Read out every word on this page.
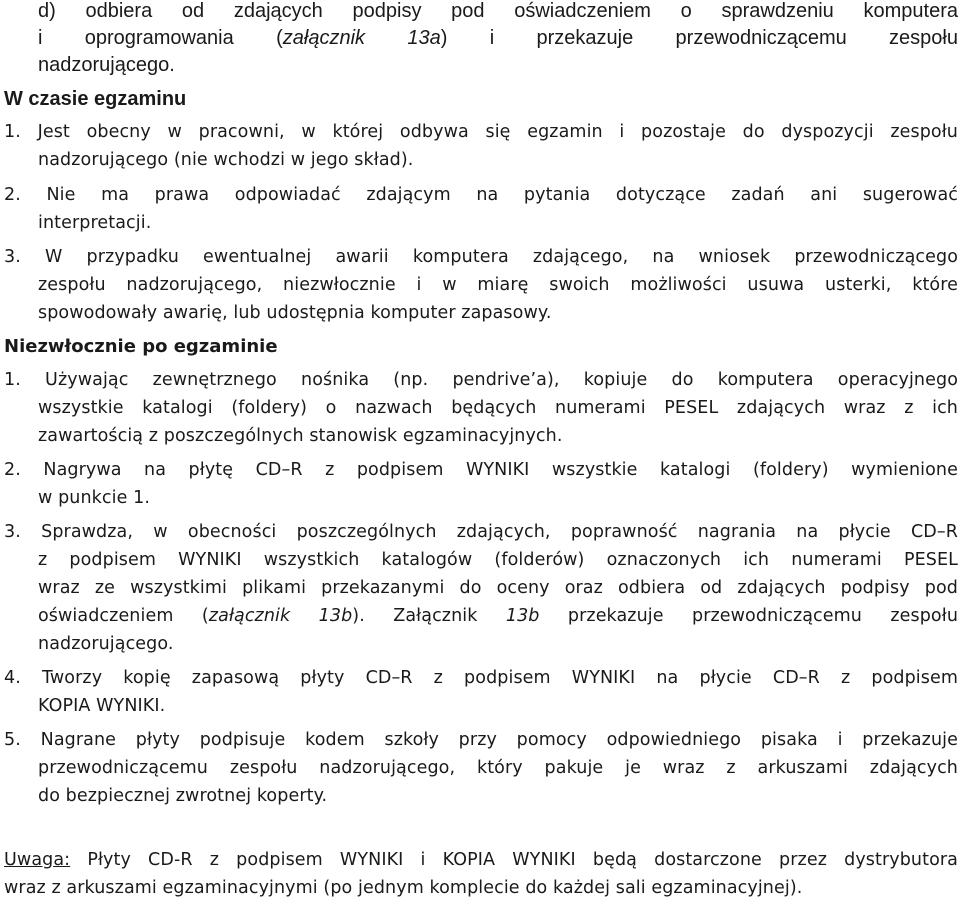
d) odbiera od zdających podpisy pod oświadczeniem o sprawdzeniu komputera
i oprogramowania (załącznik 13a) i przekazuje przewodniczącemu zespołu
nadzorującego.
W czasie egzaminu
1. Jest obecny w pracowni, w której odbywa się egzamin i pozostaje do dyspozycji zespołu
nadzorującego (nie wchodzi w jego skład).
2. Nie ma prawa odpowiadać zdającym na pytania dotyczące zadań ani sugerować
interpretacji.
3. W przypadku ewentualnej awarii komputera zdającego, na wniosek przewodniczącego
zespołu nadzorującego, niezwłocznie i w miarę swoich możliwości usuwa usterki, które
spowodowały awarię, lub udostępnia komputer zapasowy.
Niezwłocznie po egzaminie
1. Używając zewnętrznego nośnika (np. pendrive’a), kopiuje do komputera operacyjnego
wszystkie katalogi (foldery) o nazwach będących numerami PESEL zdających wraz z ich
zawartością z poszczególnych stanowisk egzaminacyjnych.
2. Nagrywa na płytę CD–R z podpisem WYNIKI wszystkie katalogi (foldery) wymienione
w punkcie 1.
3. Sprawdza, w obecności poszczególnych zdających, poprawność nagrania na płycie CD–R
z podpisem WYNIKI wszystkich katalogów (folderów) oznaczonych ich numerami PESEL
wraz ze wszystkimi plikami przekazanymi do oceny oraz odbiera od zdających podpisy pod
oświadczeniem (załącznik 13b). Załącznik 13b przekazuje przewodniczącemu zespołu
nadzorującego.
4. Tworzy kopię zapasową płyty CD–R z podpisem WYNIKI na płycie CD–R z podpisem
KOPIA WYNIKI.
5. Nagrane płyty podpisuje kodem szkoły przy pomocy odpowiedniego pisaka i przekazuje
przewodniczącemu zespołu nadzorującego, który pakuje je wraz z arkuszami zdających
do bezpiecznej zwrotnej koperty.
Uwaga: Płyty CD-R z podpisem WYNIKI i KOPIA WYNIKI będą dostarczone przez dystrybutora
wraz z arkuszami egzaminacyjnymi (po jednym komplecie do każdej sali egzaminacyjnej).
